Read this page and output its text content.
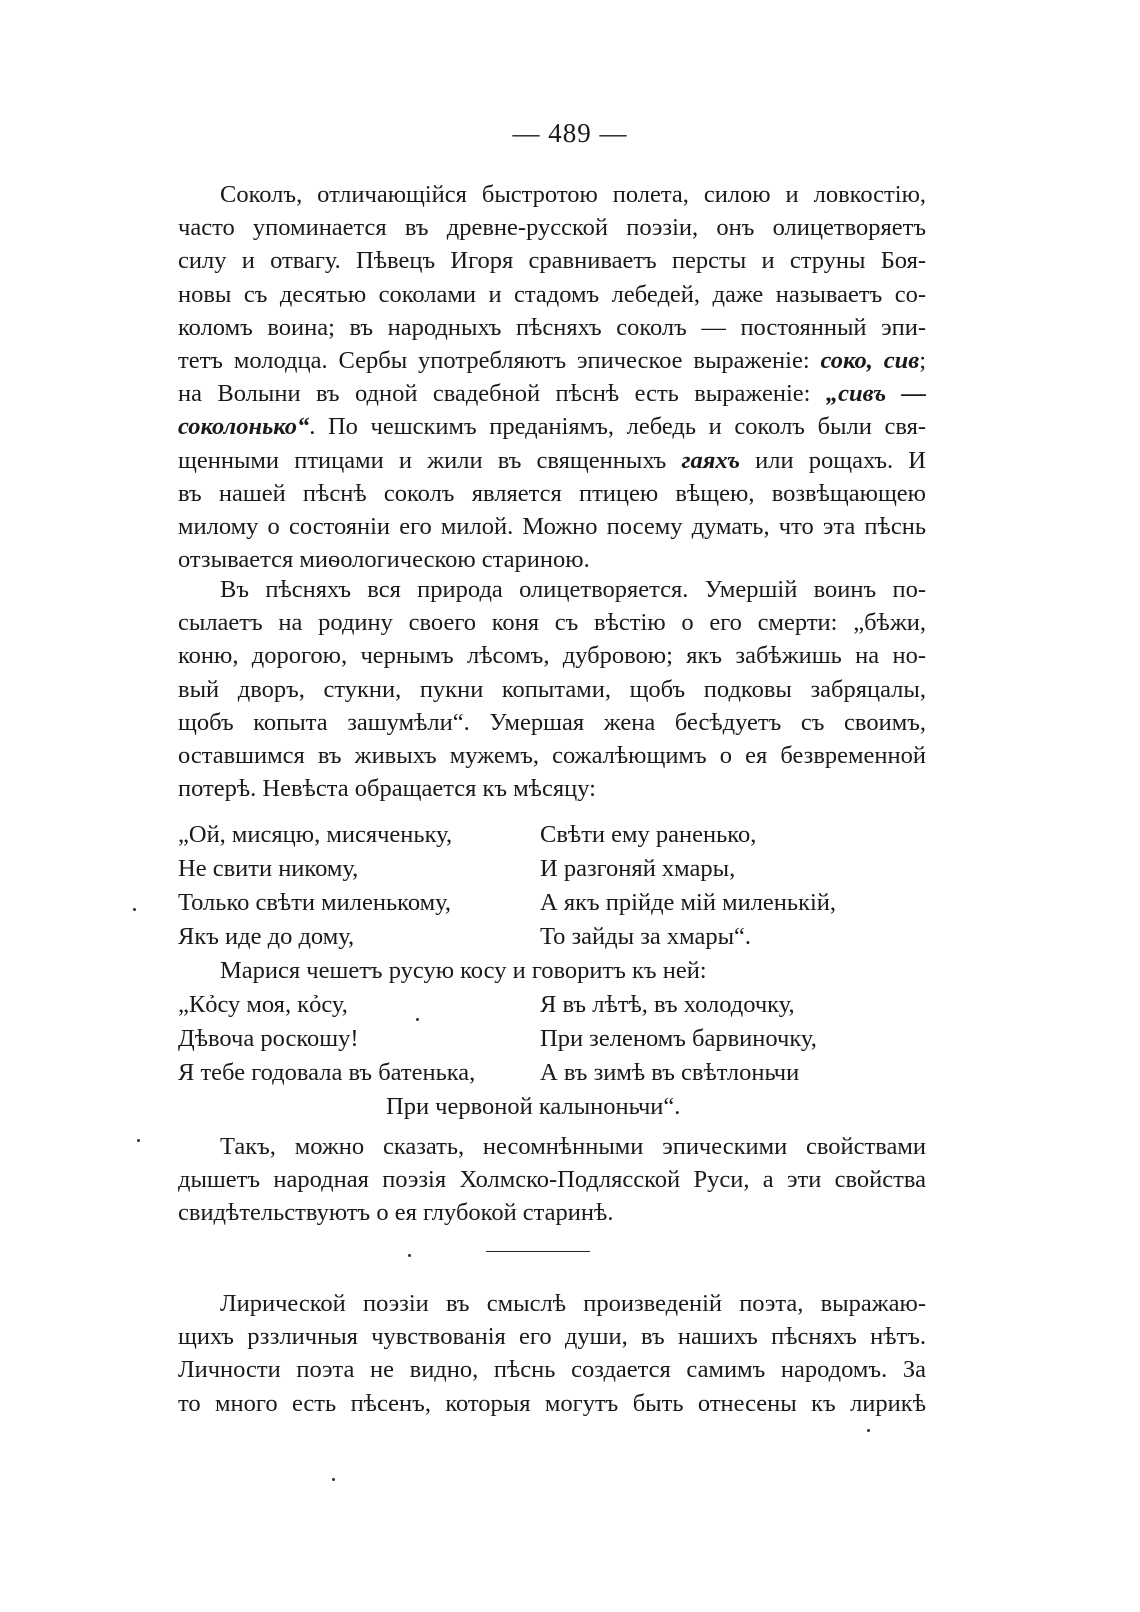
— 489 —
Соколъ, отличающійся быстротою полета, силою и ловкостію,
часто упоминается въ древне-русской поэзіи, онъ олицетворяетъ
силу и отвагу. Пѣвецъ Игоря сравниваетъ персты и струны Боя-
новы съ десятью соколами и стадомъ лебедей, даже называетъ со-
коломъ воина; въ народныхъ пѣсняхъ соколъ — постоянный эпи-
тетъ молодца. Сербы употребляютъ эпическое выраженіе: соко, сив;
на Волыни въ одной свадебной пѣснѣ есть выраженіе: „сивъ —
соколонько“. По чешскимъ преданіямъ, лебедь и соколъ были свя-
щенными птицами и жили въ священныхъ гаяхъ или рощахъ. И
въ нашей пѣснѣ соколъ является птицею вѣщею, возвѣщающею
милому о состояніи его милой. Можно посему думать, что эта пѣснь
отзывается миѳологическою стариною.
Въ пѣсняхъ вся природа олицетворяется. Умершій воинъ по-
сылаетъ на родину своего коня съ вѣстію о его смерти: „бѣжи,
коню, дорогою, чернымъ лѣсомъ, дубровою; якъ забѣжишь на но-
вый дворъ, стукни, пукни копытами, щобъ подковы забряцалы,
щобъ копыта зашумѣли“. Умершая жена бесѣдуетъ съ своимъ,
оставшимся въ живыхъ мужемъ, сожалѣющимъ о ея безвременной
потерѣ. Невѣста обращается къ мѣсяцу:
„Ой, мисяцю, мисяченьку,	Свѣти ему раненько,
Не свити никому,	И разгоняй хмары,
Только свѣти миленькому,	А якъ прійде мій миленькій,
Якъ иде до дому,	То зайды за хмары“.
Марися чешетъ русую косу и говоритъ къ ней:
„Кỏсу моя, кỏсу,	Я въ лѣтѣ, въ холодочку,
Дѣвоча роскошу!	При зеленомъ барвиночку,
Я тебе годовала въ батенька,	А въ зимѣ въ свѣтлоньчи
При червоной калыноньчи“.
Такъ, можно сказать, несомнѣнными эпическими свойствами
дышетъ народная поэзія Холмско-Подлясской Руси, а эти свойства
свидѣтельствуютъ о ея глубокой старинѣ.
Лирической поэзіи въ смыслѣ произведеній поэта, выражаю-
щихъ рззличныя чувствованія его души, въ нашихъ пѣсняхъ нѣтъ.
Личности поэта не видно, пѣснь создается самимъ народомъ. За
то много есть пѣсенъ, которыя могутъ быть отнесены къ лирикѣ
